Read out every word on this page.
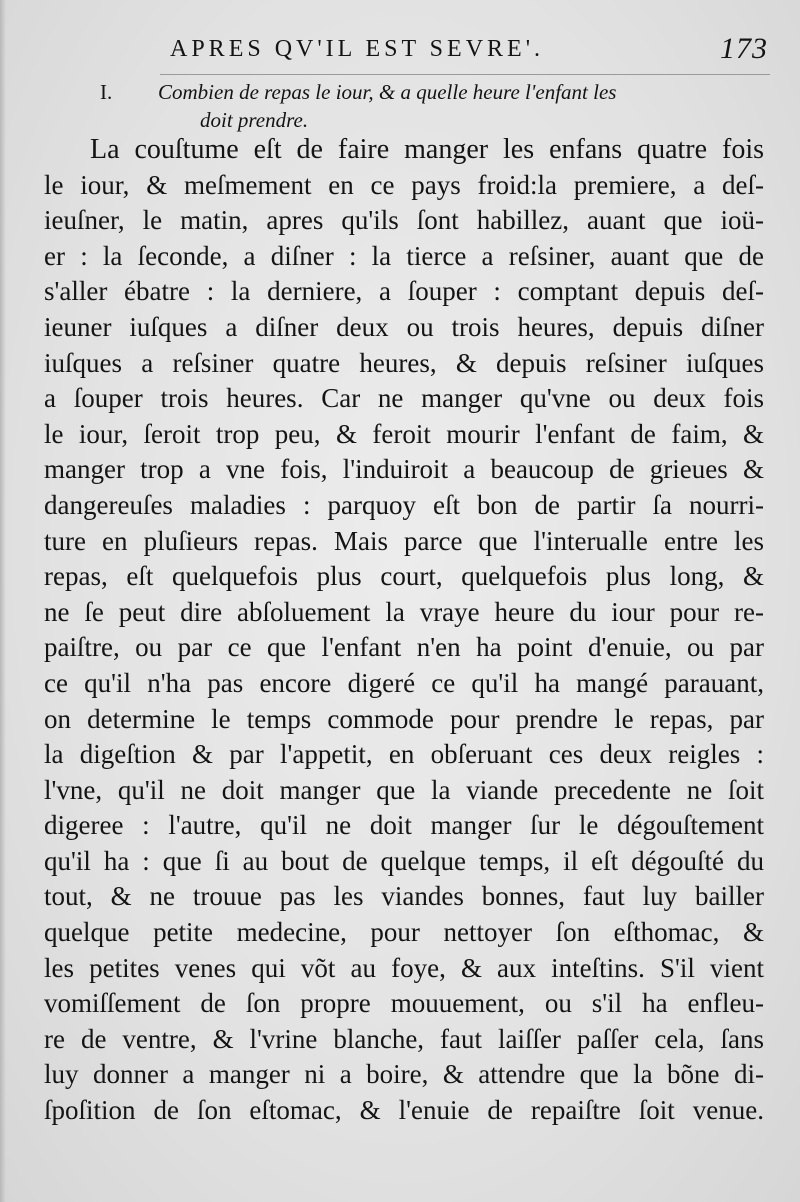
APRES QV'IL EST SEVRE'.	173
I. Combien de repas le iour, & a quelle heure l'enfant les
doit prendre.
La couſtume eſt de faire manger les enfans quatre fois
le iour, & meſmement en ce pays froid:la premiere, a deſ-
ieuſner, le matin, apres qu'ils ſont habillez, auant que ioü-
er : la ſeconde, a diſner : la tierce a reſsiner, auant que de
s'aller ébatre : la derniere, a ſouper : comptant depuis deſ-
ieuner iuſques a diſner deux ou trois heures, depuis diſner
iuſques a reſsiner quatre heures, & depuis reſsiner iuſques
a ſouper trois heures. Car ne manger qu'vne ou deux fois
le iour, ſeroit trop peu, & feroit mourir l'enfant de faim, &
manger trop a vne fois, l'induiroit a beaucoup de grieues &
dangereuſes maladies : parquoy eſt bon de partir ſa nourri-
ture en pluſieurs repas. Mais parce que l'interualle entre les
repas, eſt quelquefois plus court, quelquefois plus long, &
ne ſe peut dire abſoluement la vraye heure du iour pour re-
paiſtre, ou par ce que l'enfant n'en ha point d'enuie, ou par
ce qu'il n'ha pas encore digeré ce qu'il ha mangé parauant,
on determine le temps commode pour prendre le repas, par
la digeſtion & par l'appetit, en obſeruant ces deux reigles :
l'vne, qu'il ne doit manger que la viande precedente ne ſoit
digeree : l'autre, qu'il ne doit manger ſur le dégouſtement
qu'il ha : que ſi au bout de quelque temps, il eſt dégouſté du
tout, & ne trouue pas les viandes bonnes, faut luy bailler
quelque petite medecine, pour nettoyer ſon eſthomac, &
les petites venes qui võt au foye, & aux inteſtins. S'il vient
vomiſſement de ſon propre mouuement, ou s'il ha enfleu-
re de ventre, & l'vrine blanche, faut laiſſer paſſer cela, ſans
luy donner a manger ni a boire, & attendre que la bõne di-
ſpoſition de ſon eſtomac, & l'enuie de repaiſtre ſoit venue.
